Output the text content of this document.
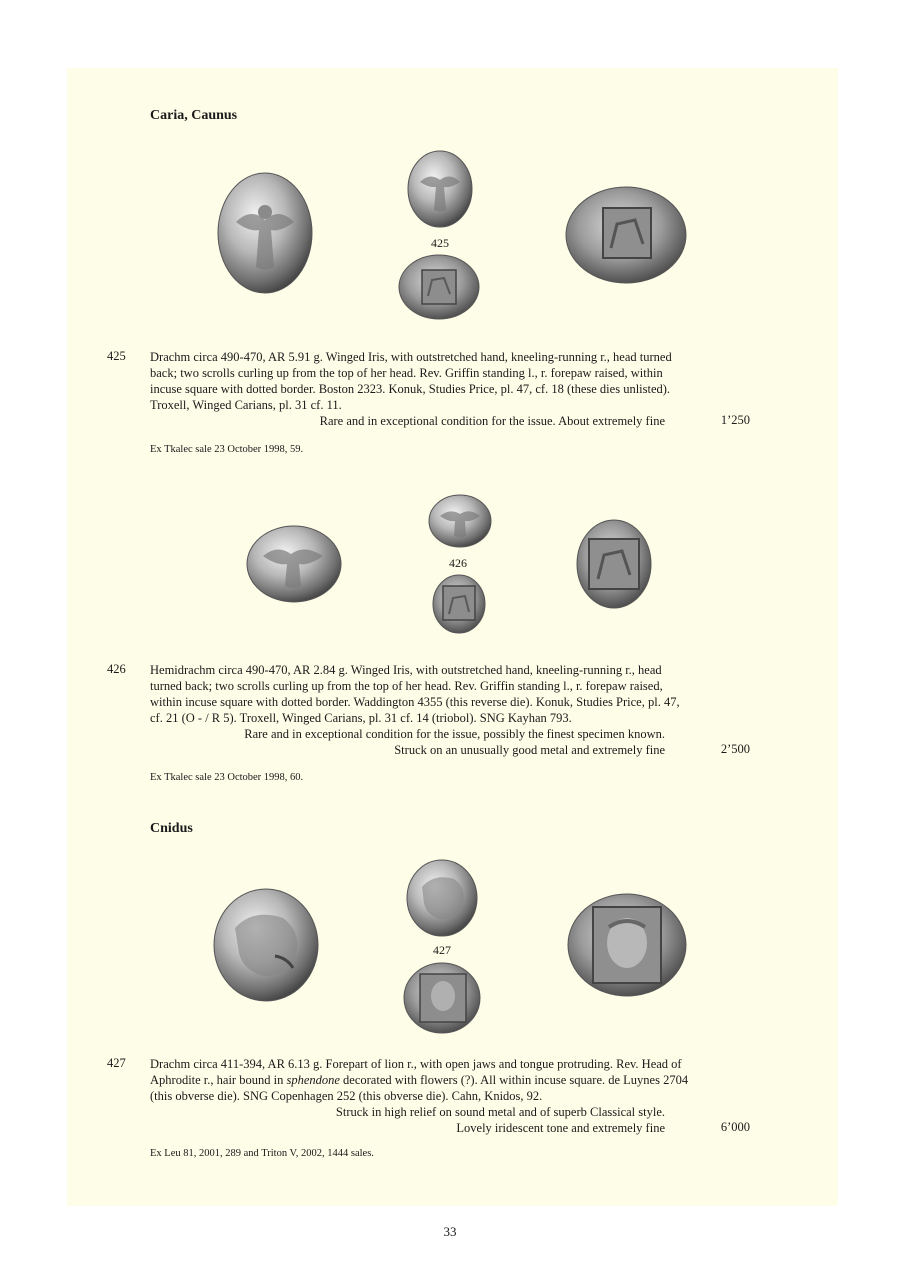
Caria, Caunus
425
425 Drachm circa 490-470, AR 5.91 g. Winged Iris, with outstretched hand, kneeling-running r., head turned
back; two scrolls curling up from the top of her head. Rev. Griffin standing l., r. forepaw raised, within
incuse square with dotted border. Boston 2323. Konuk, Studies Price, pl. 47, cf. 18 (these dies unlisted).
Troxell, Winged Carians, pl. 31 cf. 11.
Rare and in exceptional condition for the issue. About extremely fine	1’250
Ex Tkalec sale 23 October 1998, 59.
426
426 Hemidrachm circa 490-470, AR 2.84 g. Winged Iris, with outstretched hand, kneeling-running r., head
turned back; two scrolls curling up from the top of her head. Rev. Griffin standing l., r. forepaw raised,
within incuse square with dotted border. Waddington 4355 (this reverse die). Konuk, Studies Price, pl. 47,
cf. 21 (O - / R 5). Troxell, Winged Carians, pl. 31 cf. 14 (triobol). SNG Kayhan 793.
Rare and in exceptional condition for the issue, possibly the finest specimen known.
Struck on an unusually good metal and extremely fine	2’500
Ex Tkalec sale 23 October 1998, 60.
Cnidus
427
427 Drachm circa 411-394, AR 6.13 g. Forepart of lion r., with open jaws and tongue protruding. Rev. Head of
Aphrodite r., hair bound in sphendone decorated with flowers (?). All within incuse square. de Luynes 2704
(this obverse die). SNG Copenhagen 252 (this obverse die). Cahn, Knidos, 92.
Struck in high relief on sound metal and of superb Classical style.
Lovely iridescent tone and extremely fine	6’000
Ex Leu 81, 2001, 289 and Triton V, 2002, 1444 sales.
33
